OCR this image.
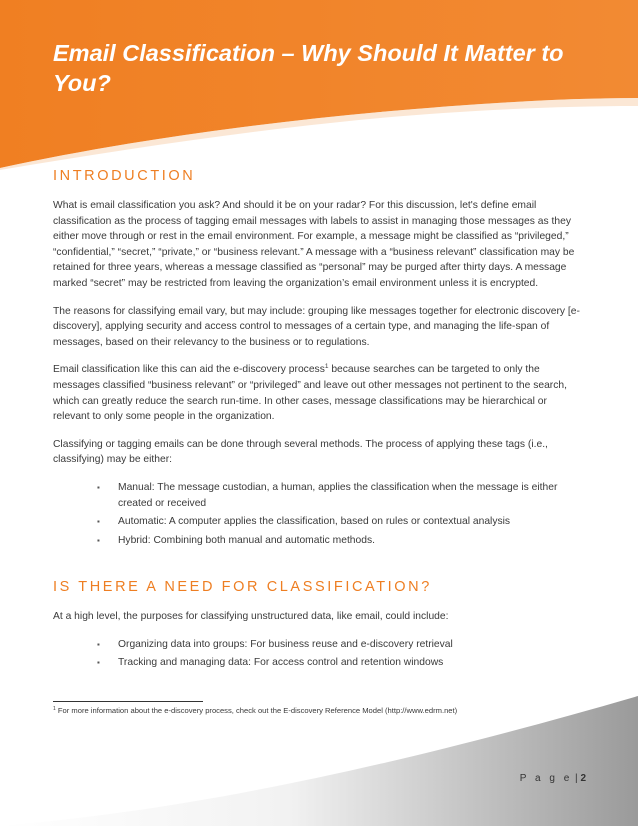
Email Classification – Why Should It Matter to You?
INTRODUCTION

What is email classification you ask? And should it be on your radar? For this discussion, let's define email classification as the process of tagging email messages with labels to assist in managing those messages as they either move through or rest in the email environment. For example, a message might be classified as “privileged,” “confidential,” “secret,” “private,” or “business relevant.” A message with a “business relevant” classification may be retained for three years, whereas a message classified as “personal” may be purged after thirty days. A message marked “secret” may be restricted from leaving the organization’s email environment unless it is encrypted.

The reasons for classifying email vary, but may include: grouping like messages together for electronic discovery [e-discovery], applying security and access control to messages of a certain type, and managing the life-span of messages, based on their relevancy to the business or to regulations.

Email classification like this can aid the e-discovery process$^1$ because searches can be targeted to only the messages classified “business relevant” or “privileged” and leave out other messages not pertinent to the search, which can greatly reduce the search run-time. In other cases, message classifications may be hierarchical or relevant to only some people in the organization.

Classifying or tagging emails can be done through several methods. The process of applying these tags (i.e., classifying) may be either:

▪ Manual: The message custodian, a human, applies the classification when the message is either created or received
▪ Automatic: A computer applies the classification, based on rules or contextual analysis
▪ Hybrid: Combining both manual and automatic methods.
IS THERE A NEED FOR CLASSIFICATION?

At a high level, the purposes for classifying unstructured data, like email, could include:

▪ Organizing data into groups: For business reuse and e-discovery retrieval
▪ Tracking and managing data: For access control and retention windows
$^1$ For more information about the e-discovery process, check out the E-discovery Reference Model (http://www.edrm.net)
P a g e | 2
